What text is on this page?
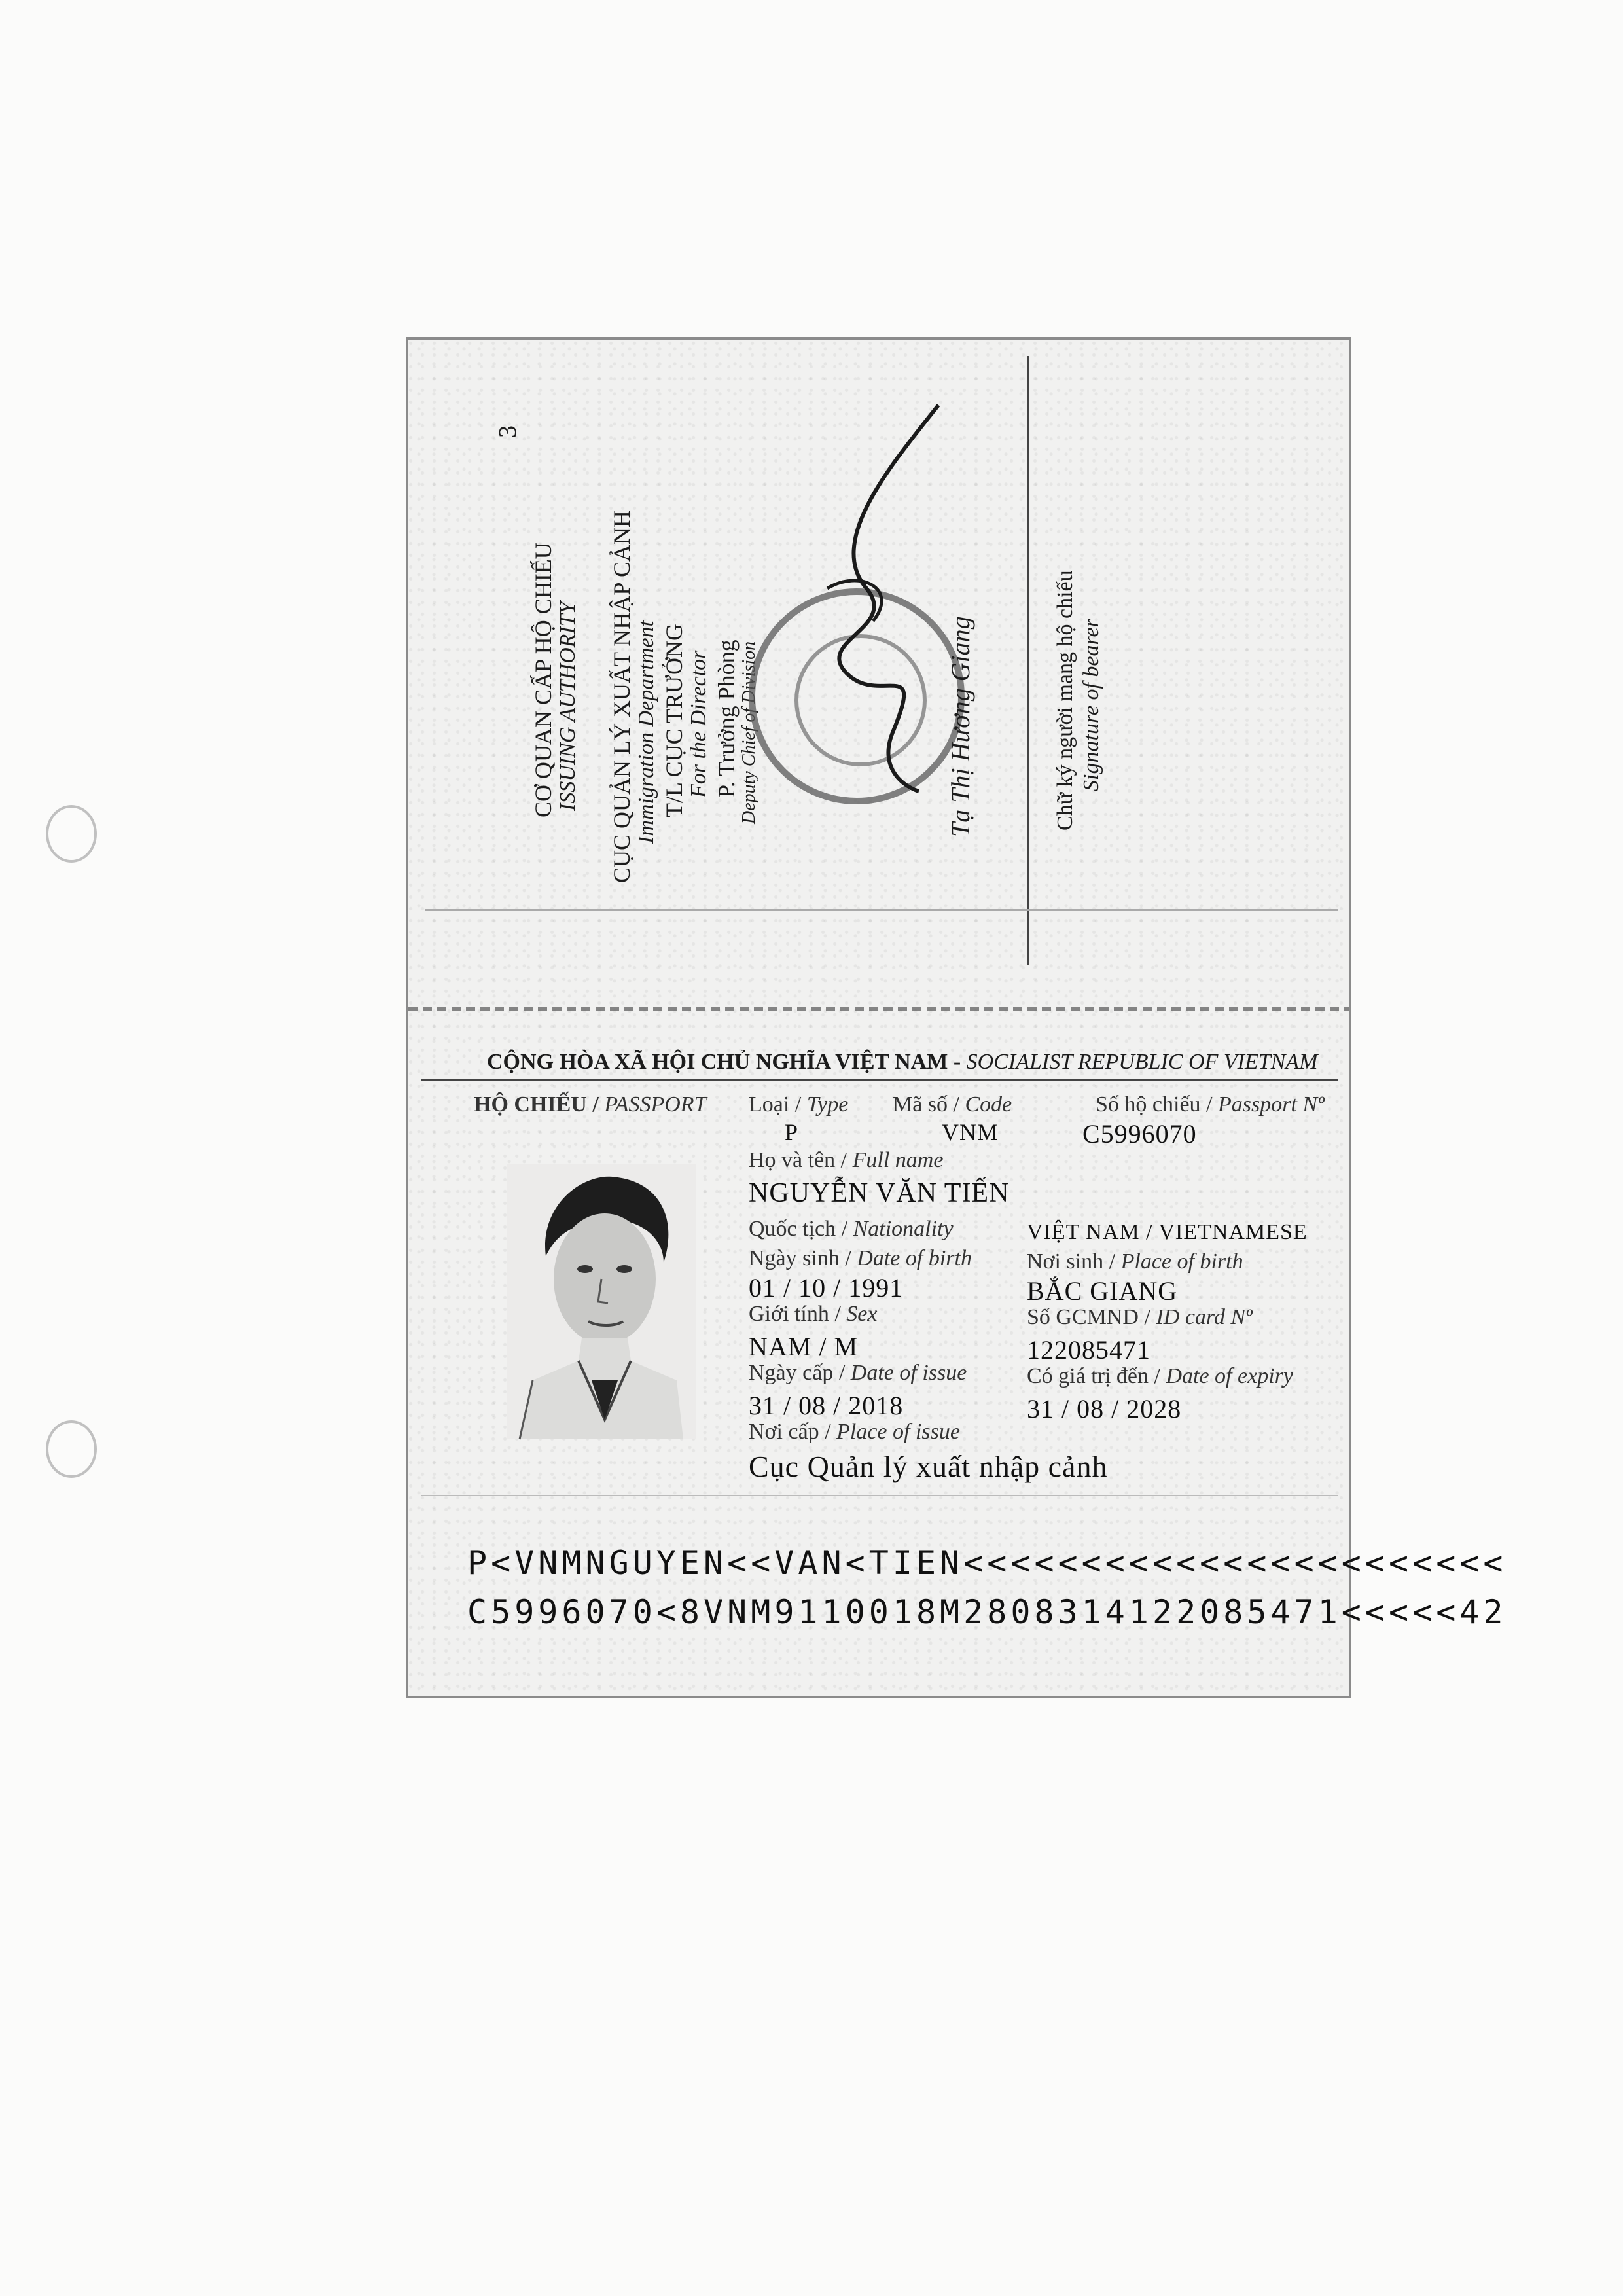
3
CƠ QUAN CẤP HỘ CHIẾU ISSUING AUTHORITY CỤC QUẢN LÝ XUẤT NHẬP CẢNH Immigration Department T/L CỤC TRƯỞNG For the Director P. Trưởng Phòng Deputy Chief of Division	Tạ Thị Hương Giang	Chữ ký người mang hộ chiếu Signature of bearer
CỘNG HÒA XÃ HỘI CHỦ NGHĨA VIỆT NAM - SOCIALIST REPUBLIC OF VIETNAM
HỘ CHIẾU / PASSPORT Loại / Type
P
Mã số / Code
VNM
Số hộ chiếu / Passport Nº
C5996070
Họ và tên / Full name
NGUYỄN VĂN TIẾN
Quốc tịch / Nationality	VIỆT NAM / VIETNAMESE
Ngày sinh / Date of birth
01 / 10 / 1991
Nơi sinh / Place of birth
BẮC GIANG
Giới tính / Sex
NAM / M
Số GCMND / ID card Nº
122085471
Ngày cấp / Date of issue
31 / 08 / 2018
Có giá trị đến / Date of expiry
31 / 08 / 2028
Nơi cấp / Place of issue
Cục Quản lý xuất nhập cảnh
P<VNMNGUYEN<<VAN<TIEN<<<<<<<<<<<<<<<<<<<<<<<
C5996070<8VNM9110018M2808314122085471<<<<<42
